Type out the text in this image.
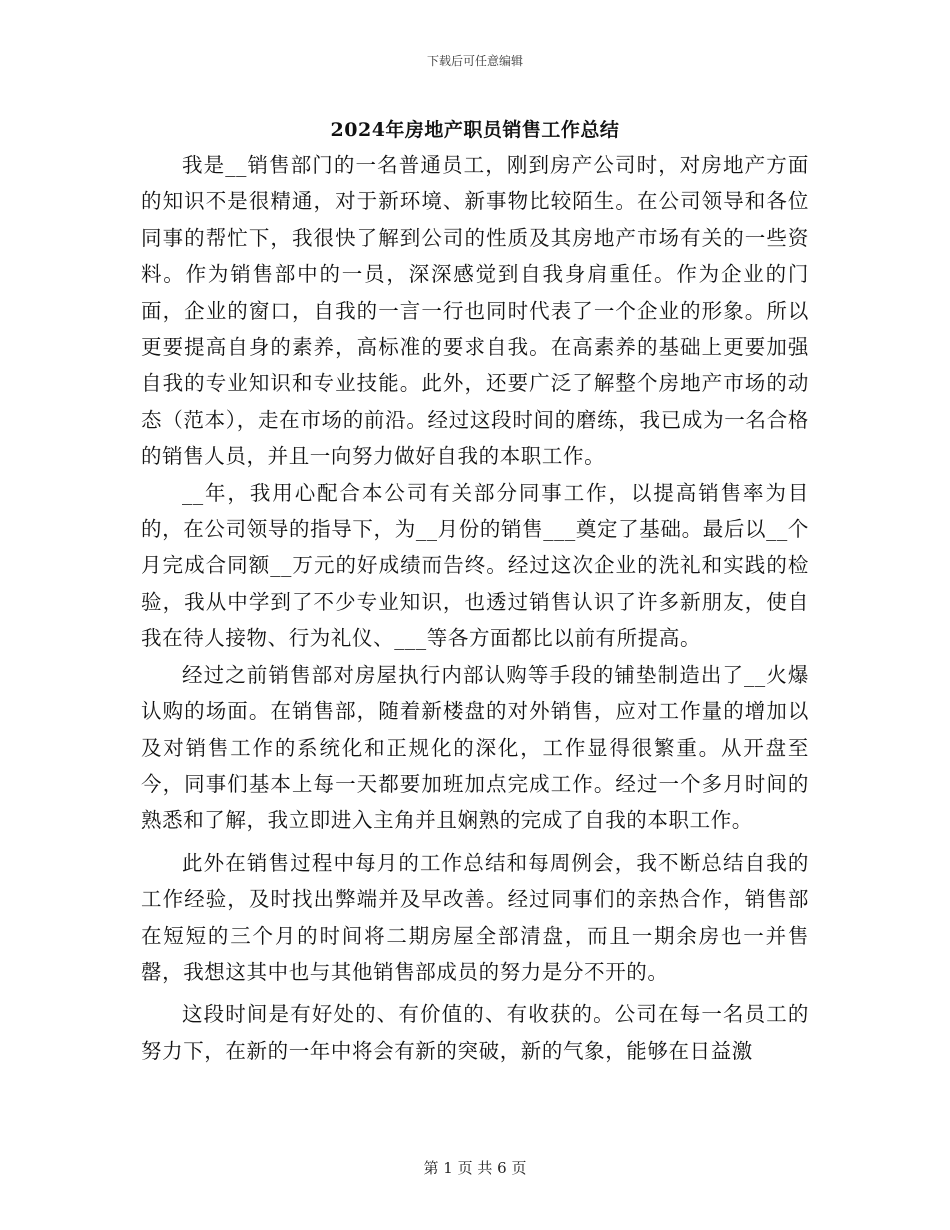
下载后可任意编辑
2024年房地产职员销售工作总结

我是__销售部门的一名普通员工，刚到房产公司时，对房地产方面的知识不是很精通，对于新环境、新事物比较陌生。在公司领导和各位同事的帮忙下，我很快了解到公司的性质及其房地产市场有关的一些资料。作为销售部中的一员，深深感觉到自我身肩重任。作为企业的门面，企业的窗口，自我的一言一行也同时代表了一个企业的形象。所以更要提高自身的素养，高标准的要求自我。在高素养的基础上更要加强自我的专业知识和专业技能。此外，还要广泛了解整个房地产市场的动态（范本），走在市场的前沿。经过这段时间的磨练，我已成为一名合格的销售人员，并且一向努力做好自我的本职工作。

__年，我用心配合本公司有关部分同事工作，以提高销售率为目的，在公司领导的指导下，为__月份的销售___奠定了基础。最后以__个月完成合同额__万元的好成绩而告终。经过这次企业的洗礼和实践的检验，我从中学到了不少专业知识，也透过销售认识了许多新朋友，使自我在待人接物、行为礼仪、___等各方面都比以前有所提高。

经过之前销售部对房屋执行内部认购等手段的铺垫制造出了__火爆认购的场面。在销售部，随着新楼盘的对外销售，应对工作量的增加以及对销售工作的系统化和正规化的深化，工作显得很繁重。从开盘至今，同事们基本上每一天都要加班加点完成工作。经过一个多月时间的熟悉和了解，我立即进入主角并且娴熟的完成了自我的本职工作。

此外在销售过程中每月的工作总结和每周例会，我不断总结自我的工作经验，及时找出弊端并及早改善。经过同事们的亲热合作，销售部在短短的三个月的时间将二期房屋全部清盘，而且一期余房也一并售罄，我想这其中也与其他销售部成员的努力是分不开的。

这段时间是有好处的、有价值的、有收获的。公司在每一名员工的努力下，在新的一年中将会有新的突破，新的气象，能够在日益激

第 1 页 共 6 页
